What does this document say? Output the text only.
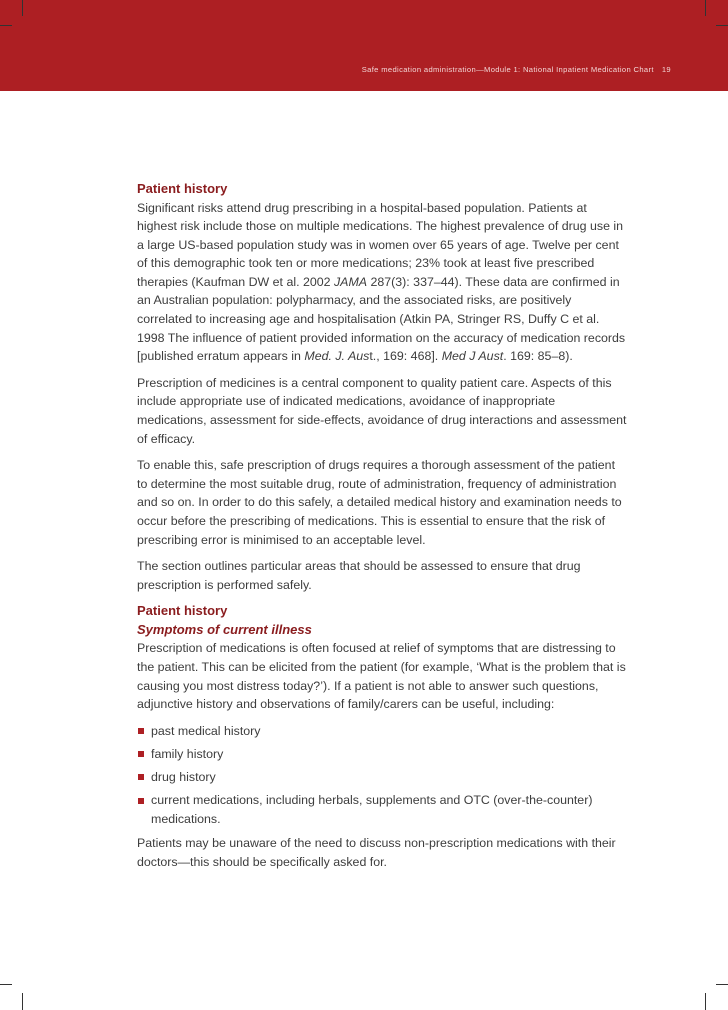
Safe medication administration—Module 1: National Inpatient Medication Chart 19
Patient history

Significant risks attend drug prescribing in a hospital-based population. Patients at highest risk include those on multiple medications. The highest prevalence of drug use in a large US-based population study was in women over 65 years of age. Twelve per cent of this demographic took ten or more medications; 23% took at least five prescribed therapies (Kaufman DW et al. 2002 JAMA 287(3): 337–44). These data are confirmed in an Australian population: polypharmacy, and the associated risks, are positively correlated to increasing age and hospitalisation (Atkin PA, Stringer RS, Duffy C et al. 1998 The influence of patient provided information on the accuracy of medication records [published erratum appears in Med. J. Aust., 169: 468]. Med J Aust. 169: 85–8).

Prescription of medicines is a central component to quality patient care. Aspects of this include appropriate use of indicated medications, avoidance of inappropriate medications, assessment for side-effects, avoidance of drug interactions and assessment of efficacy.

To enable this, safe prescription of drugs requires a thorough assessment of the patient to determine the most suitable drug, route of administration, frequency of administration and so on. In order to do this safely, a detailed medical history and examination needs to occur before the prescribing of medications. This is essential to ensure that the risk of prescribing error is minimised to an acceptable level.

The section outlines particular areas that should be assessed to ensure that drug prescription is performed safely.

Patient history
Symptoms of current illness

Prescription of medications is often focused at relief of symptoms that are distressing to the patient. This can be elicited from the patient (for example, ‘What is the problem that is causing you most distress today?’). If a patient is not able to answer such questions, adjunctive history and observations of family/carers can be useful, including:

past medical history
family history
drug history
current medications, including herbals, supplements and OTC (over-the-counter) medications.

Patients may be unaware of the need to discuss non-prescription medications with their doctors—this should be specifically asked for.
